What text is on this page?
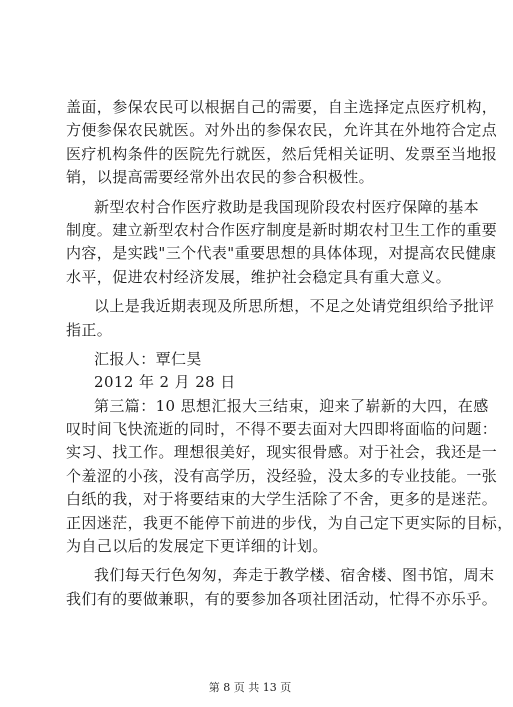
盖面，参保农民可以根据自己的需要，自主选择定点医疗机构，
方便参保农民就医。对外出的参保农民，允许其在外地符合定点
医疗机构条件的医院先行就医，然后凭相关证明、发票至当地报
销，以提高需要经常外出农民的参合积极性。
新型农村合作医疗救助是我国现阶段农村医疗保障的基本
制度。建立新型农村合作医疗制度是新时期农村卫生工作的重要
内容，是实践"三个代表"重要思想的具体体现，对提高农民健康
水平，促进农村经济发展，维护社会稳定具有重大意义。
以上是我近期表现及所思所想，不足之处请党组织给予批评
指正。
汇报人：覃仁昊
2012 年 2 月 28 日
第三篇：10 思想汇报大三结束，迎来了崭新的大四，在感
叹时间飞快流逝的同时，不得不要去面对大四即将面临的问题：
实习、找工作。理想很美好，现实很骨感。对于社会，我还是一
个羞涩的小孩，没有高学历，没经验，没太多的专业技能。一张
白纸的我，对于将要结束的大学生活除了不舍，更多的是迷茫。
正因迷茫，我更不能停下前进的步伐，为自己定下更实际的目标，
为自己以后的发展定下更详细的计划。
我们每天行色匆匆，奔走于教学楼、宿舍楼、图书馆，周末
我们有的要做兼职，有的要参加各项社团活动，忙得不亦乐乎。
第 8 页 共 13 页
